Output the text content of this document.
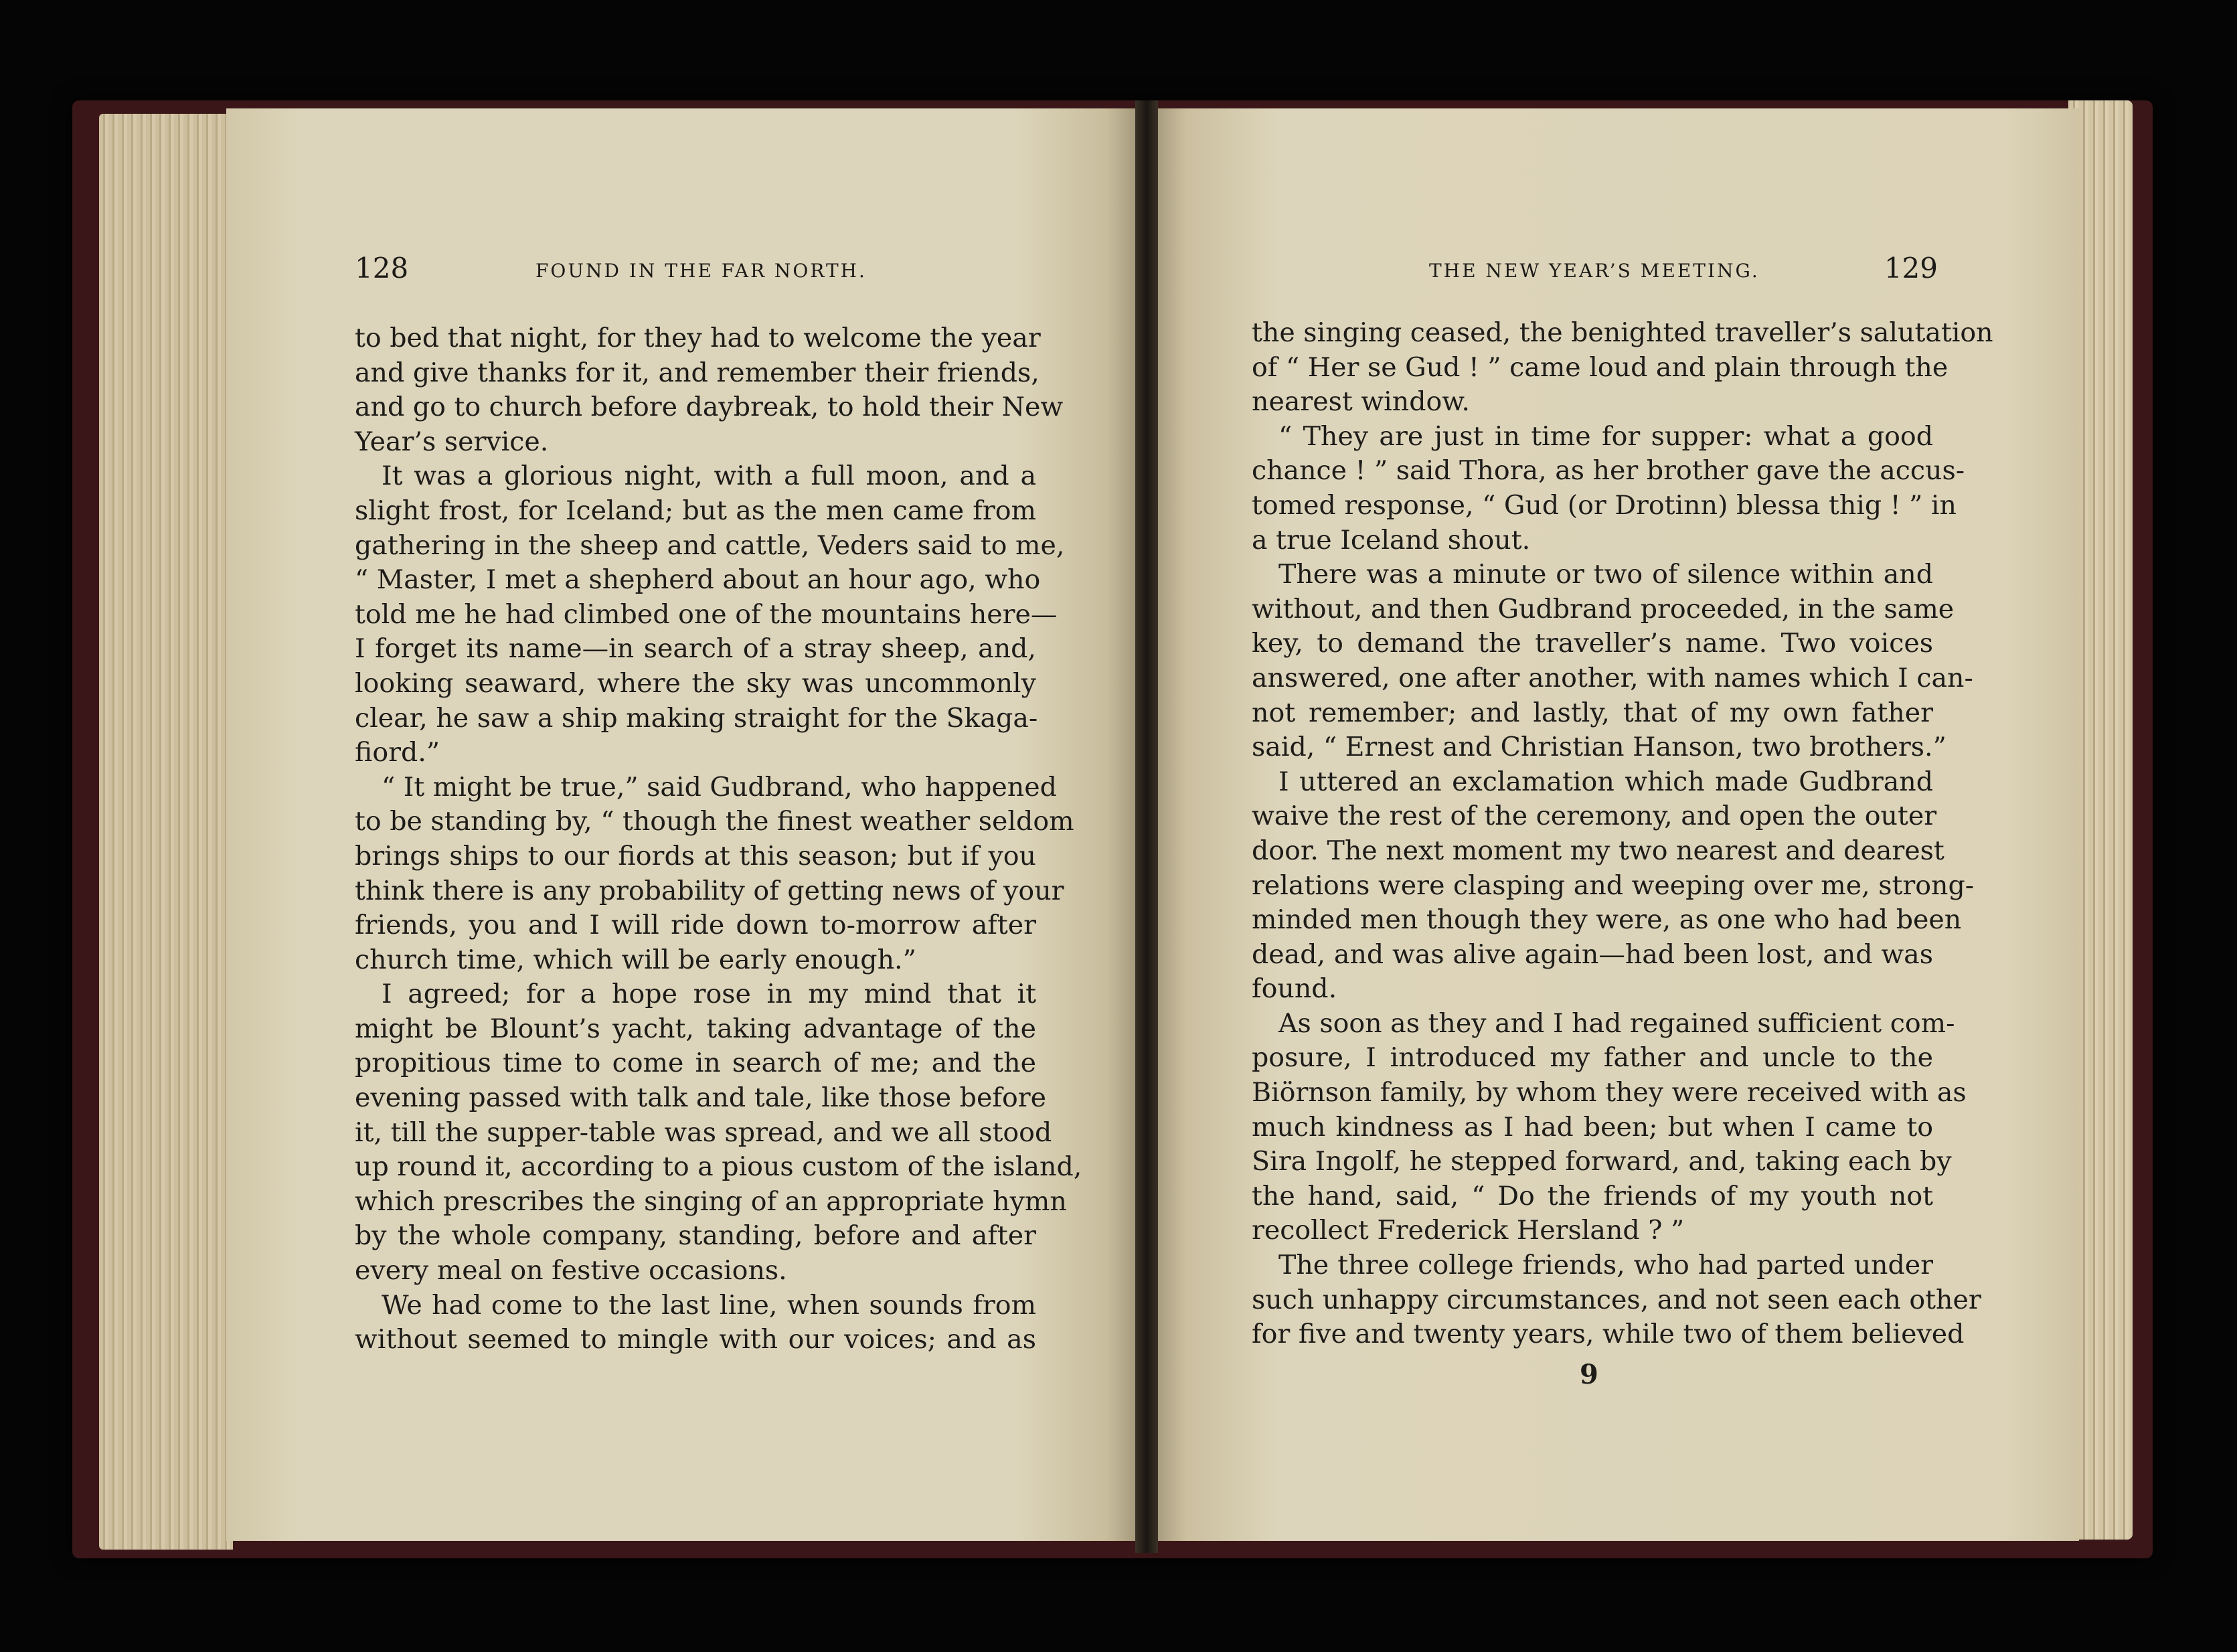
128	FOUND IN THE FAR NORTH.	THE NEW YEAR’S MEETING.	129
to bed that night, for they had to welcome the year
and give thanks for it, and remember their friends,
and go to church before daybreak, to hold their New
Year’s service.
It was a glorious night, with a full moon, and a
slight frost, for Iceland; but as the men came from
gathering in the sheep and cattle, Veders said to me,
“ Master, I met a shepherd about an hour ago, who
told me he had climbed one of the mountains here—
I forget its name—in search of a stray sheep, and,
looking seaward, where the sky was uncommonly
clear, he saw a ship making straight for the Skaga-
fiord.”
“ It might be true,” said Gudbrand, who happened
to be standing by, “ though the finest weather seldom
brings ships to our fiords at this season; but if you
think there is any probability of getting news of your
friends, you and I will ride down to-morrow after
church time, which will be early enough.”
I agreed; for a hope rose in my mind that it
might be Blount’s yacht, taking advantage of the
propitious time to come in search of me; and the
evening passed with talk and tale, like those before
it, till the supper-table was spread, and we all stood
up round it, according to a pious custom of the island,
which prescribes the singing of an appropriate hymn
by the whole company, standing, before and after
every meal on festive occasions.
We had come to the last line, when sounds from
without seemed to mingle with our voices; and as
the singing ceased, the benighted traveller’s salutation
of “ Her se Gud ! ” came loud and plain through the
nearest window.
“ They are just in time for supper: what a good
chance ! ” said Thora, as her brother gave the accus-
tomed response, “ Gud (or Drotinn) blessa thig ! ” in
a true Iceland shout.
There was a minute or two of silence within and
without, and then Gudbrand proceeded, in the same
key, to demand the traveller’s name. Two voices
answered, one after another, with names which I can-
not remember; and lastly, that of my own father
said, “ Ernest and Christian Hanson, two brothers.”
I uttered an exclamation which made Gudbrand
waive the rest of the ceremony, and open the outer
door. The next moment my two nearest and dearest
relations were clasping and weeping over me, strong-
minded men though they were, as one who had been
dead, and was alive again—had been lost, and was
found.
As soon as they and I had regained sufficient com-
posure, I introduced my father and uncle to the
Biörnson family, by whom they were received with as
much kindness as I had been; but when I came to
Sira Ingolf, he stepped forward, and, taking each by
the hand, said, “ Do the friends of my youth not
recollect Frederick Hersland ? ”
The three college friends, who had parted under
such unhappy circumstances, and not seen each other
for five and twenty years, while two of them believed
9
